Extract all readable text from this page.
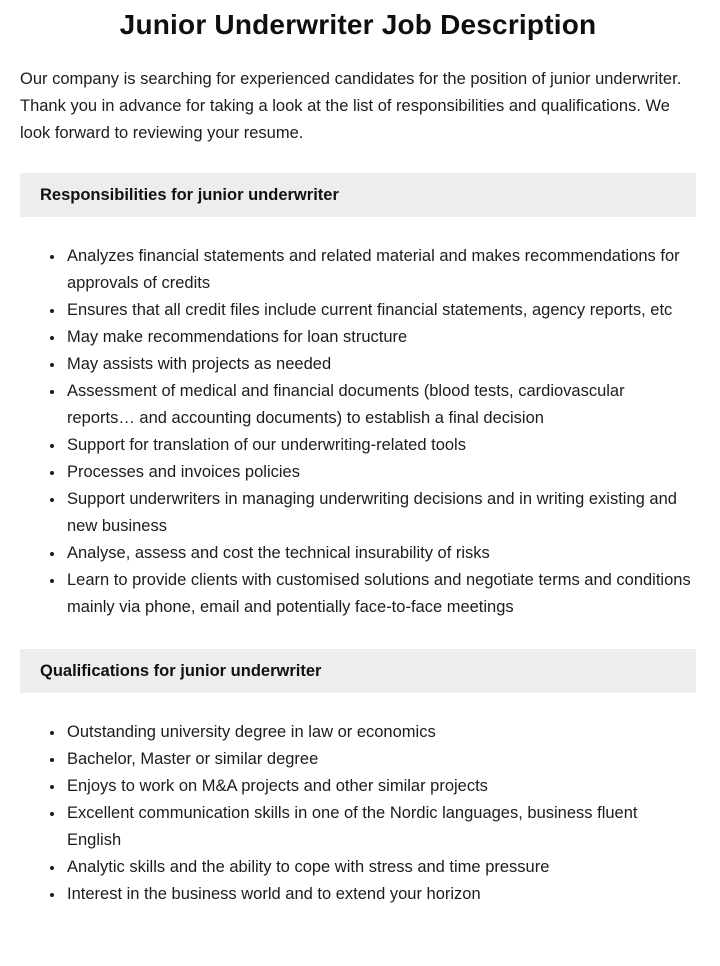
Junior Underwriter Job Description

Our company is searching for experienced candidates for the position of junior underwriter. Thank you in advance for taking a look at the list of responsibilities and qualifications. We look forward to reviewing your resume.

Responsibilities for junior underwriter
• Analyzes financial statements and related material and makes recommendations for approvals of credits
• Ensures that all credit files include current financial statements, agency reports, etc
• May make recommendations for loan structure
• May assists with projects as needed
• Assessment of medical and financial documents (blood tests, cardiovascular reports… and accounting documents) to establish a final decision
• Support for translation of our underwriting-related tools
• Processes and invoices policies
• Support underwriters in managing underwriting decisions and in writing existing and new business
• Analyse, assess and cost the technical insurability of risks
• Learn to provide clients with customised solutions and negotiate terms and conditions mainly via phone, email and potentially face-to-face meetings
Qualifications for junior underwriter
• Outstanding university degree in law or economics
• Bachelor, Master or similar degree
• Enjoys to work on M&A projects and other similar projects
• Excellent communication skills in one of the Nordic languages, business fluent English
• Analytic skills and the ability to cope with stress and time pressure
• Interest in the business world and to extend your horizon
